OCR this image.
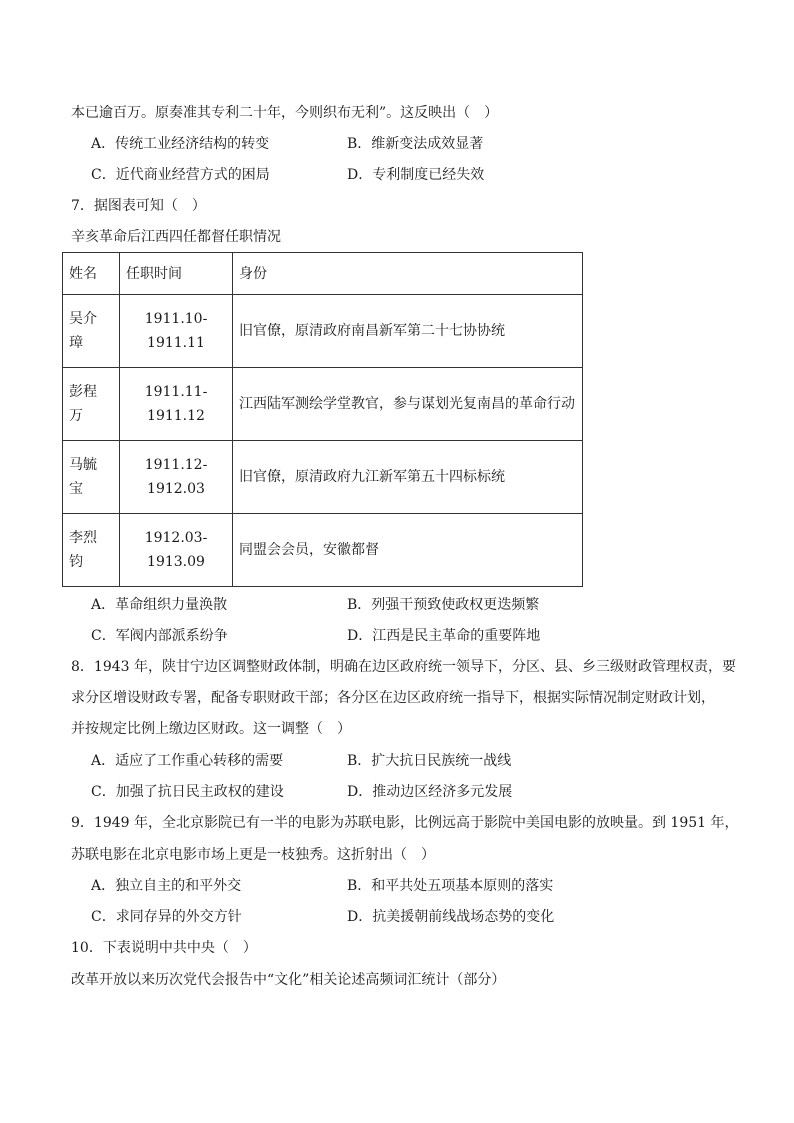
本已逾百万。原奏准其专利二十年，今则织布无利”。这反映出（　）
A．传统工业经济结构的转变	B．维新变法成效显著
C．近代商业经营方式的困局	D．专利制度已经失效
7．据图表可知（　）
辛亥革命后江西四任都督任职情况
姓名	任职时间	身份

吴介
璋	1911.10-1911.11	旧官僚，原清政府南昌新军第二十七协协统

彭程
万	1911.11-1911.12	江西陆军测绘学堂教官，参与谋划光复南昌的革命行动

马毓
宝	1911.12-1912.03	旧官僚，原清政府九江新军第五十四标标统

李烈
钧	1912.03-1913.09	同盟会会员，安徽都督
A．革命组织力量涣散	B．列强干预致使政权更迭频繁
C．军阀内部派系纷争	D．江西是民主革命的重要阵地
8．1943 年，陕甘宁边区调整财政体制，明确在边区政府统一领导下，分区、县、乡三级财政管理权责，要
求分区增设财政专署，配备专职财政干部；各分区在边区政府统一指导下，根据实际情况制定财政计划，
并按规定比例上缴边区财政。这一调整（　）
A．适应了工作重心转移的需要	B．扩大抗日民族统一战线
C．加强了抗日民主政权的建设	D．推动边区经济多元发展
9．1949 年，全北京影院已有一半的电影为苏联电影，比例远高于影院中美国电影的放映量。到 1951 年，
苏联电影在北京电影市场上更是一枝独秀。这折射出（　）
A．独立自主的和平外交	B．和平共处五项基本原则的落实
C．求同存异的外交方针	D．抗美援朝前线战场态势的变化
10．下表说明中共中央（　）
改革开放以来历次党代会报告中“文化”相关论述高频词汇统计（部分）
